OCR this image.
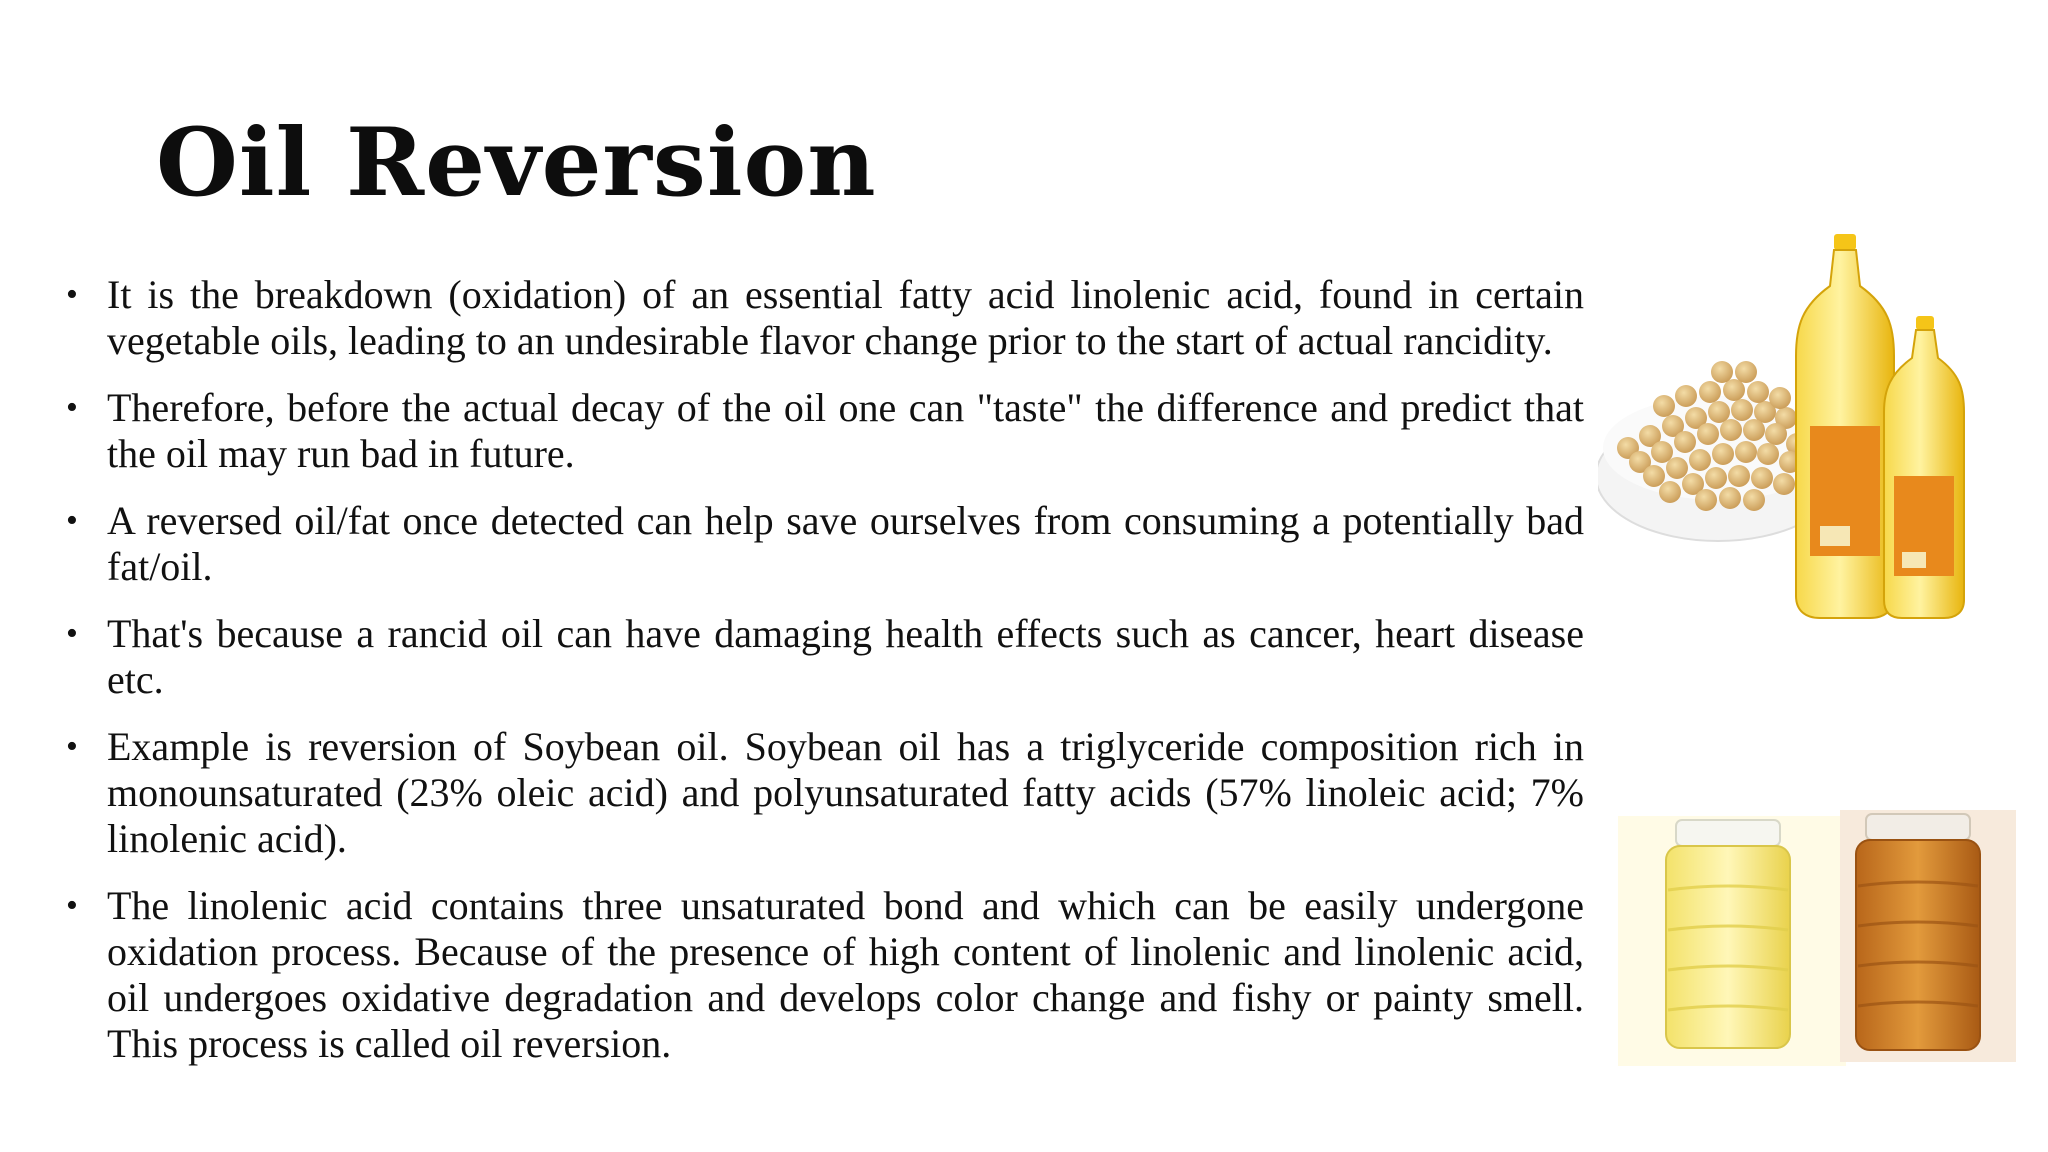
Oil Reversion
• It is the breakdown (oxidation) of an essential fatty acid linolenic acid, found in certain vegetable oils, leading to an undesirable flavor change prior to the start of actual rancidity.
• Therefore, before the actual decay of the oil one can "taste" the difference and predict that the oil may run bad in future.
• A reversed oil/fat once detected can help save ourselves from consuming a potentially bad fat/oil.
• That's because a rancid oil can have damaging health effects such as cancer, heart disease etc.
• Example is reversion of Soybean oil. Soybean oil has a triglyceride composition rich in monounsaturated (23% oleic acid) and polyunsaturated fatty acids (57% linoleic acid; 7% linolenic acid).
• The linolenic acid contains three unsaturated bond and which can be easily undergone oxidation process. Because of the presence of high content of linolenic and linolenic acid, oil undergoes oxidative degradation and develops color change and fishy or painty smell. This process is called oil reversion.
